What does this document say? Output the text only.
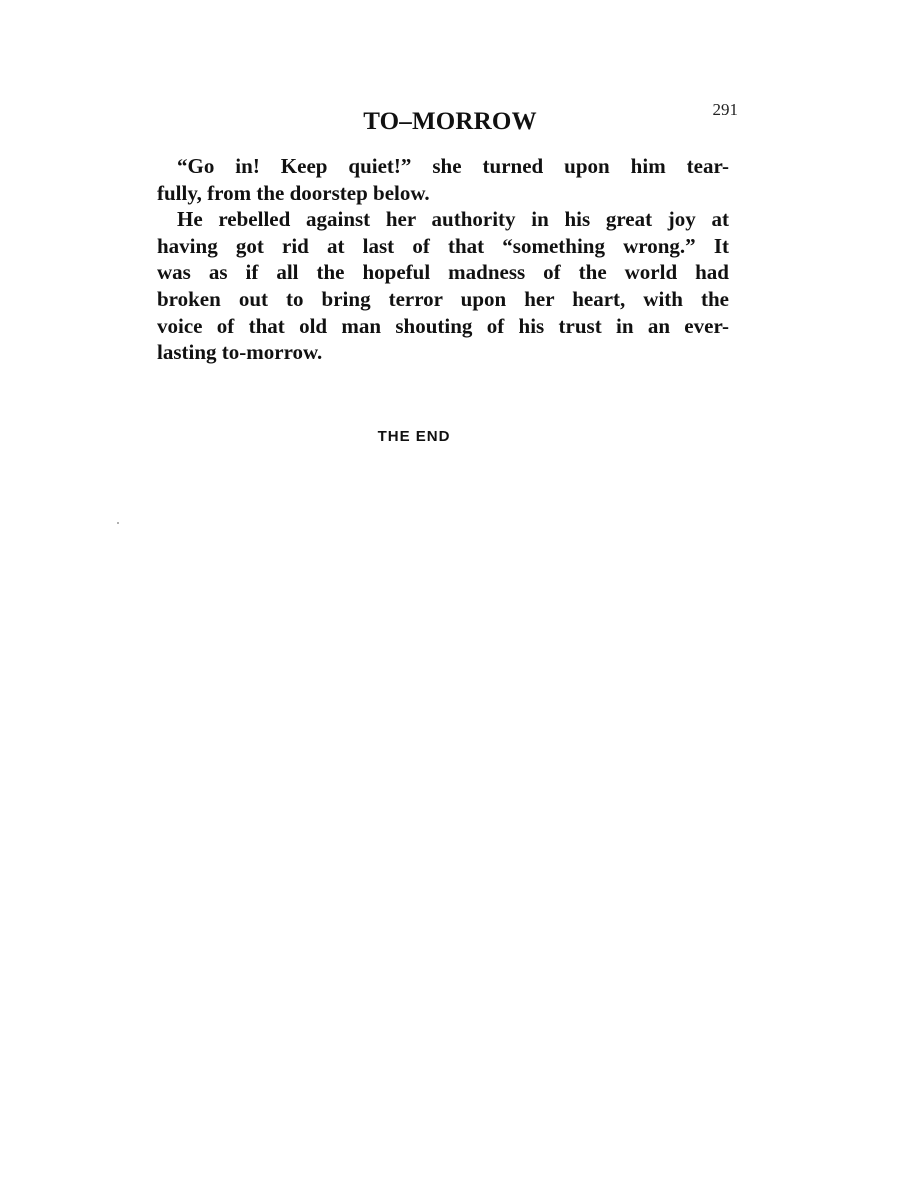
TO–MORROW	291
“Go in! Keep quiet!” she turned upon him tear-
fully, from the doorstep below.
He rebelled against her authority in his great joy at
having got rid at last of that “something wrong.” It
was as if all the hopeful madness of the world had
broken out to bring terror upon her heart, with the
voice of that old man shouting of his trust in an ever-
lasting to-morrow.
THE END
